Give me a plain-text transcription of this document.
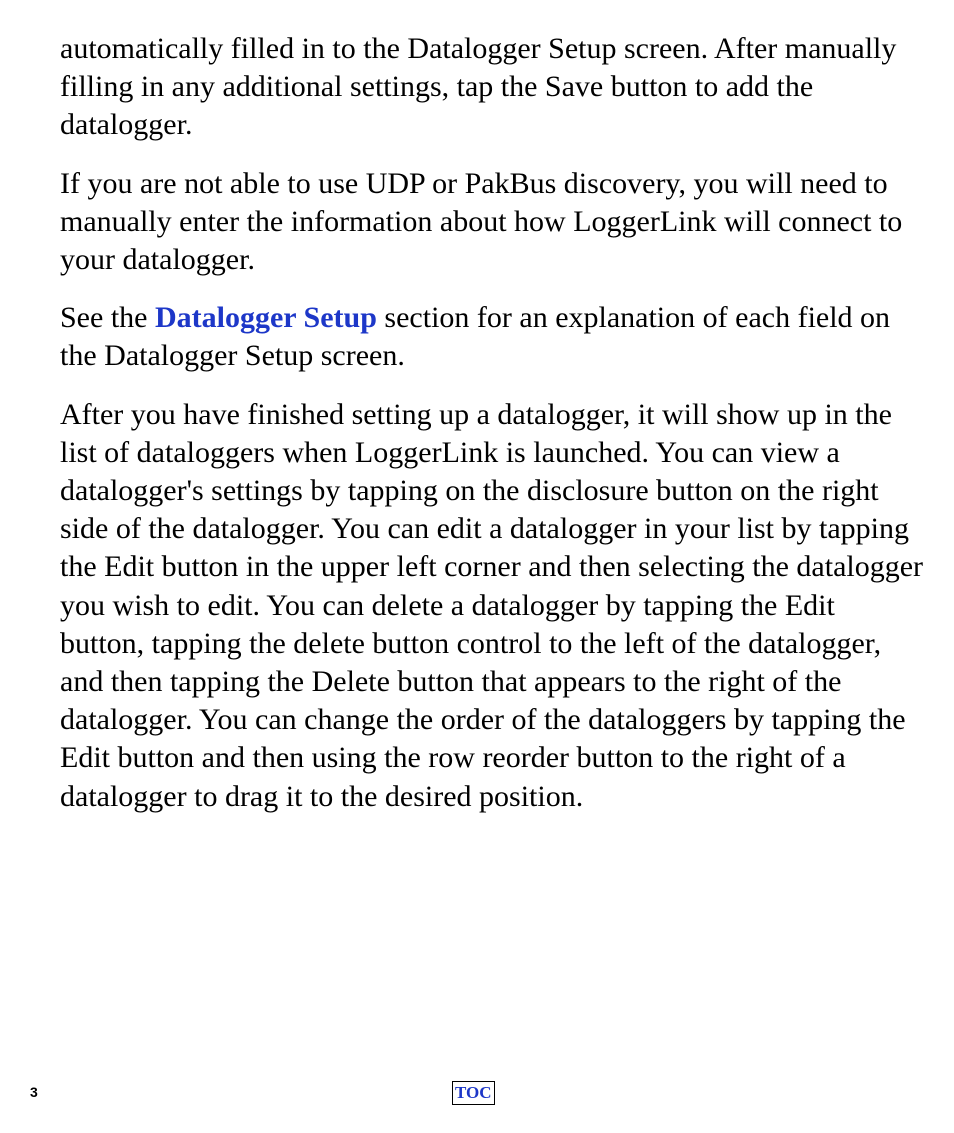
automatically filled in to the Datalogger Setup screen. After manually filling in any additional settings, tap the Save button to add the datalogger.

If you are not able to use UDP or PakBus discovery, you will need to manually enter the information about how LoggerLink will connect to your datalogger.

See the Datalogger Setup section for an explanation of each field on the Datalogger Setup screen.

After you have finished setting up a datalogger, it will show up in the list of dataloggers when LoggerLink is launched. You can view a datalogger's settings by tapping on the disclosure button on the right side of the datalogger. You can edit a datalogger in your list by tapping the Edit button in the upper left corner and then selecting the datalogger you wish to edit. You can delete a datalogger by tapping the Edit button, tapping the delete button control to the left of the datalogger, and then tapping the Delete button that appears to the right of the datalogger. You can change the order of the dataloggers by tapping the Edit button and then using the row reorder button to the right of a datalogger to drag it to the desired position.

3	TOC
